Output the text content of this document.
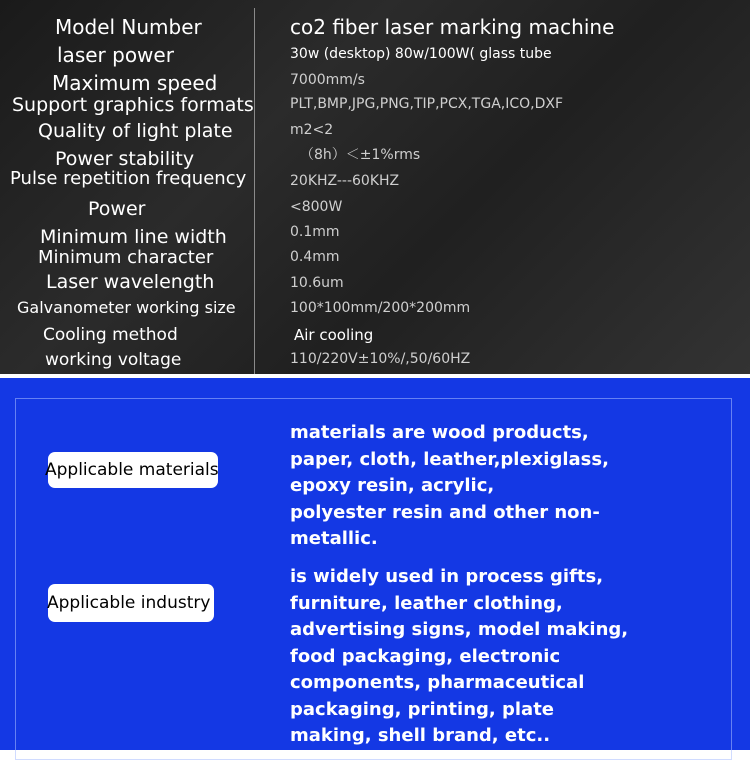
Model Number
laser power
Maximum speed
Support graphics formats
Quality of light plate
Power stability
Pulse repetition frequency
Power
Minimum line width
Minimum character
Laser wavelength
Galvanometer working size
Cooling method
working voltage
co2 fiber laser marking machine
30w (desktop) 80w/100W( glass tube
7000mm/s
PLT,BMP,JPG,PNG,TIP,PCX,TGA,ICO,DXF
m2<2
（8h）＜±1%rms
20KHZ---60KHZ
<800W
0.1mm
0.4mm
10.6um
100*100mm/200*200mm
Air cooling
110/220V±10%/,50/60HZ
Applicable materials
materials are wood products,
paper, cloth, leather,plexiglass,
epoxy resin, acrylic,
polyester resin and other non-
metallic.
Applicable industry
is widely used in process gifts,
furniture, leather clothing,
advertising signs, model making,
food packaging, electronic
components, pharmaceutical
packaging, printing, plate
making, shell brand, etc..
